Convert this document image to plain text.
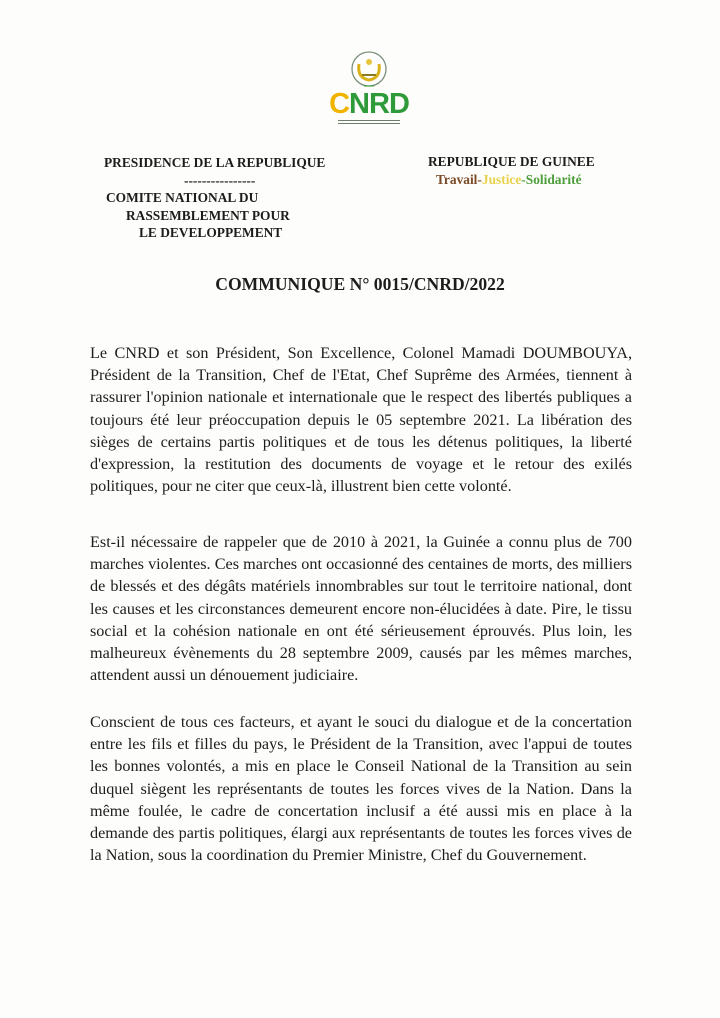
CNRD
PRESIDENCE DE LA REPUBLIQUE
----------------
COMITE NATIONAL DU
RASSEMBLEMENT POUR
LE DEVELOPPEMENT
REPUBLIQUE DE GUINEE
Travail-Justice-Solidarité
COMMUNIQUE N° 0015/CNRD/2022

Le CNRD et son Président, Son Excellence, Colonel Mamadi DOUMBOUYA, Président de la Transition, Chef de l'Etat, Chef Suprême des Armées, tiennent à rassurer l'opinion nationale et internationale que le respect des libertés publiques a toujours été leur préoccupation depuis le 05 septembre 2021. La libération des sièges de certains partis politiques et de tous les détenus politiques, la liberté d'expression, la restitution des documents de voyage et le retour des exilés politiques, pour ne citer que ceux-là, illustrent bien cette volonté.

Est-il nécessaire de rappeler que de 2010 à 2021, la Guinée a connu plus de 700 marches violentes. Ces marches ont occasionné des centaines de morts, des milliers de blessés et des dégâts matériels innombrables sur tout le territoire national, dont les causes et les circonstances demeurent encore non-élucidées à date. Pire, le tissu social et la cohésion nationale en ont été sérieusement éprouvés. Plus loin, les malheureux évènements du 28 septembre 2009, causés par les mêmes marches, attendent aussi un dénouement judiciaire.

Conscient de tous ces facteurs, et ayant le souci du dialogue et de la concertation entre les fils et filles du pays, le Président de la Transition, avec l'appui de toutes les bonnes volontés, a mis en place le Conseil National de la Transition au sein duquel siègent les représentants de toutes les forces vives de la Nation. Dans la même foulée, le cadre de concertation inclusif a été aussi mis en place à la demande des partis politiques, élargi aux représentants de toutes les forces vives de la Nation, sous la coordination du Premier Ministre, Chef du Gouvernement.
